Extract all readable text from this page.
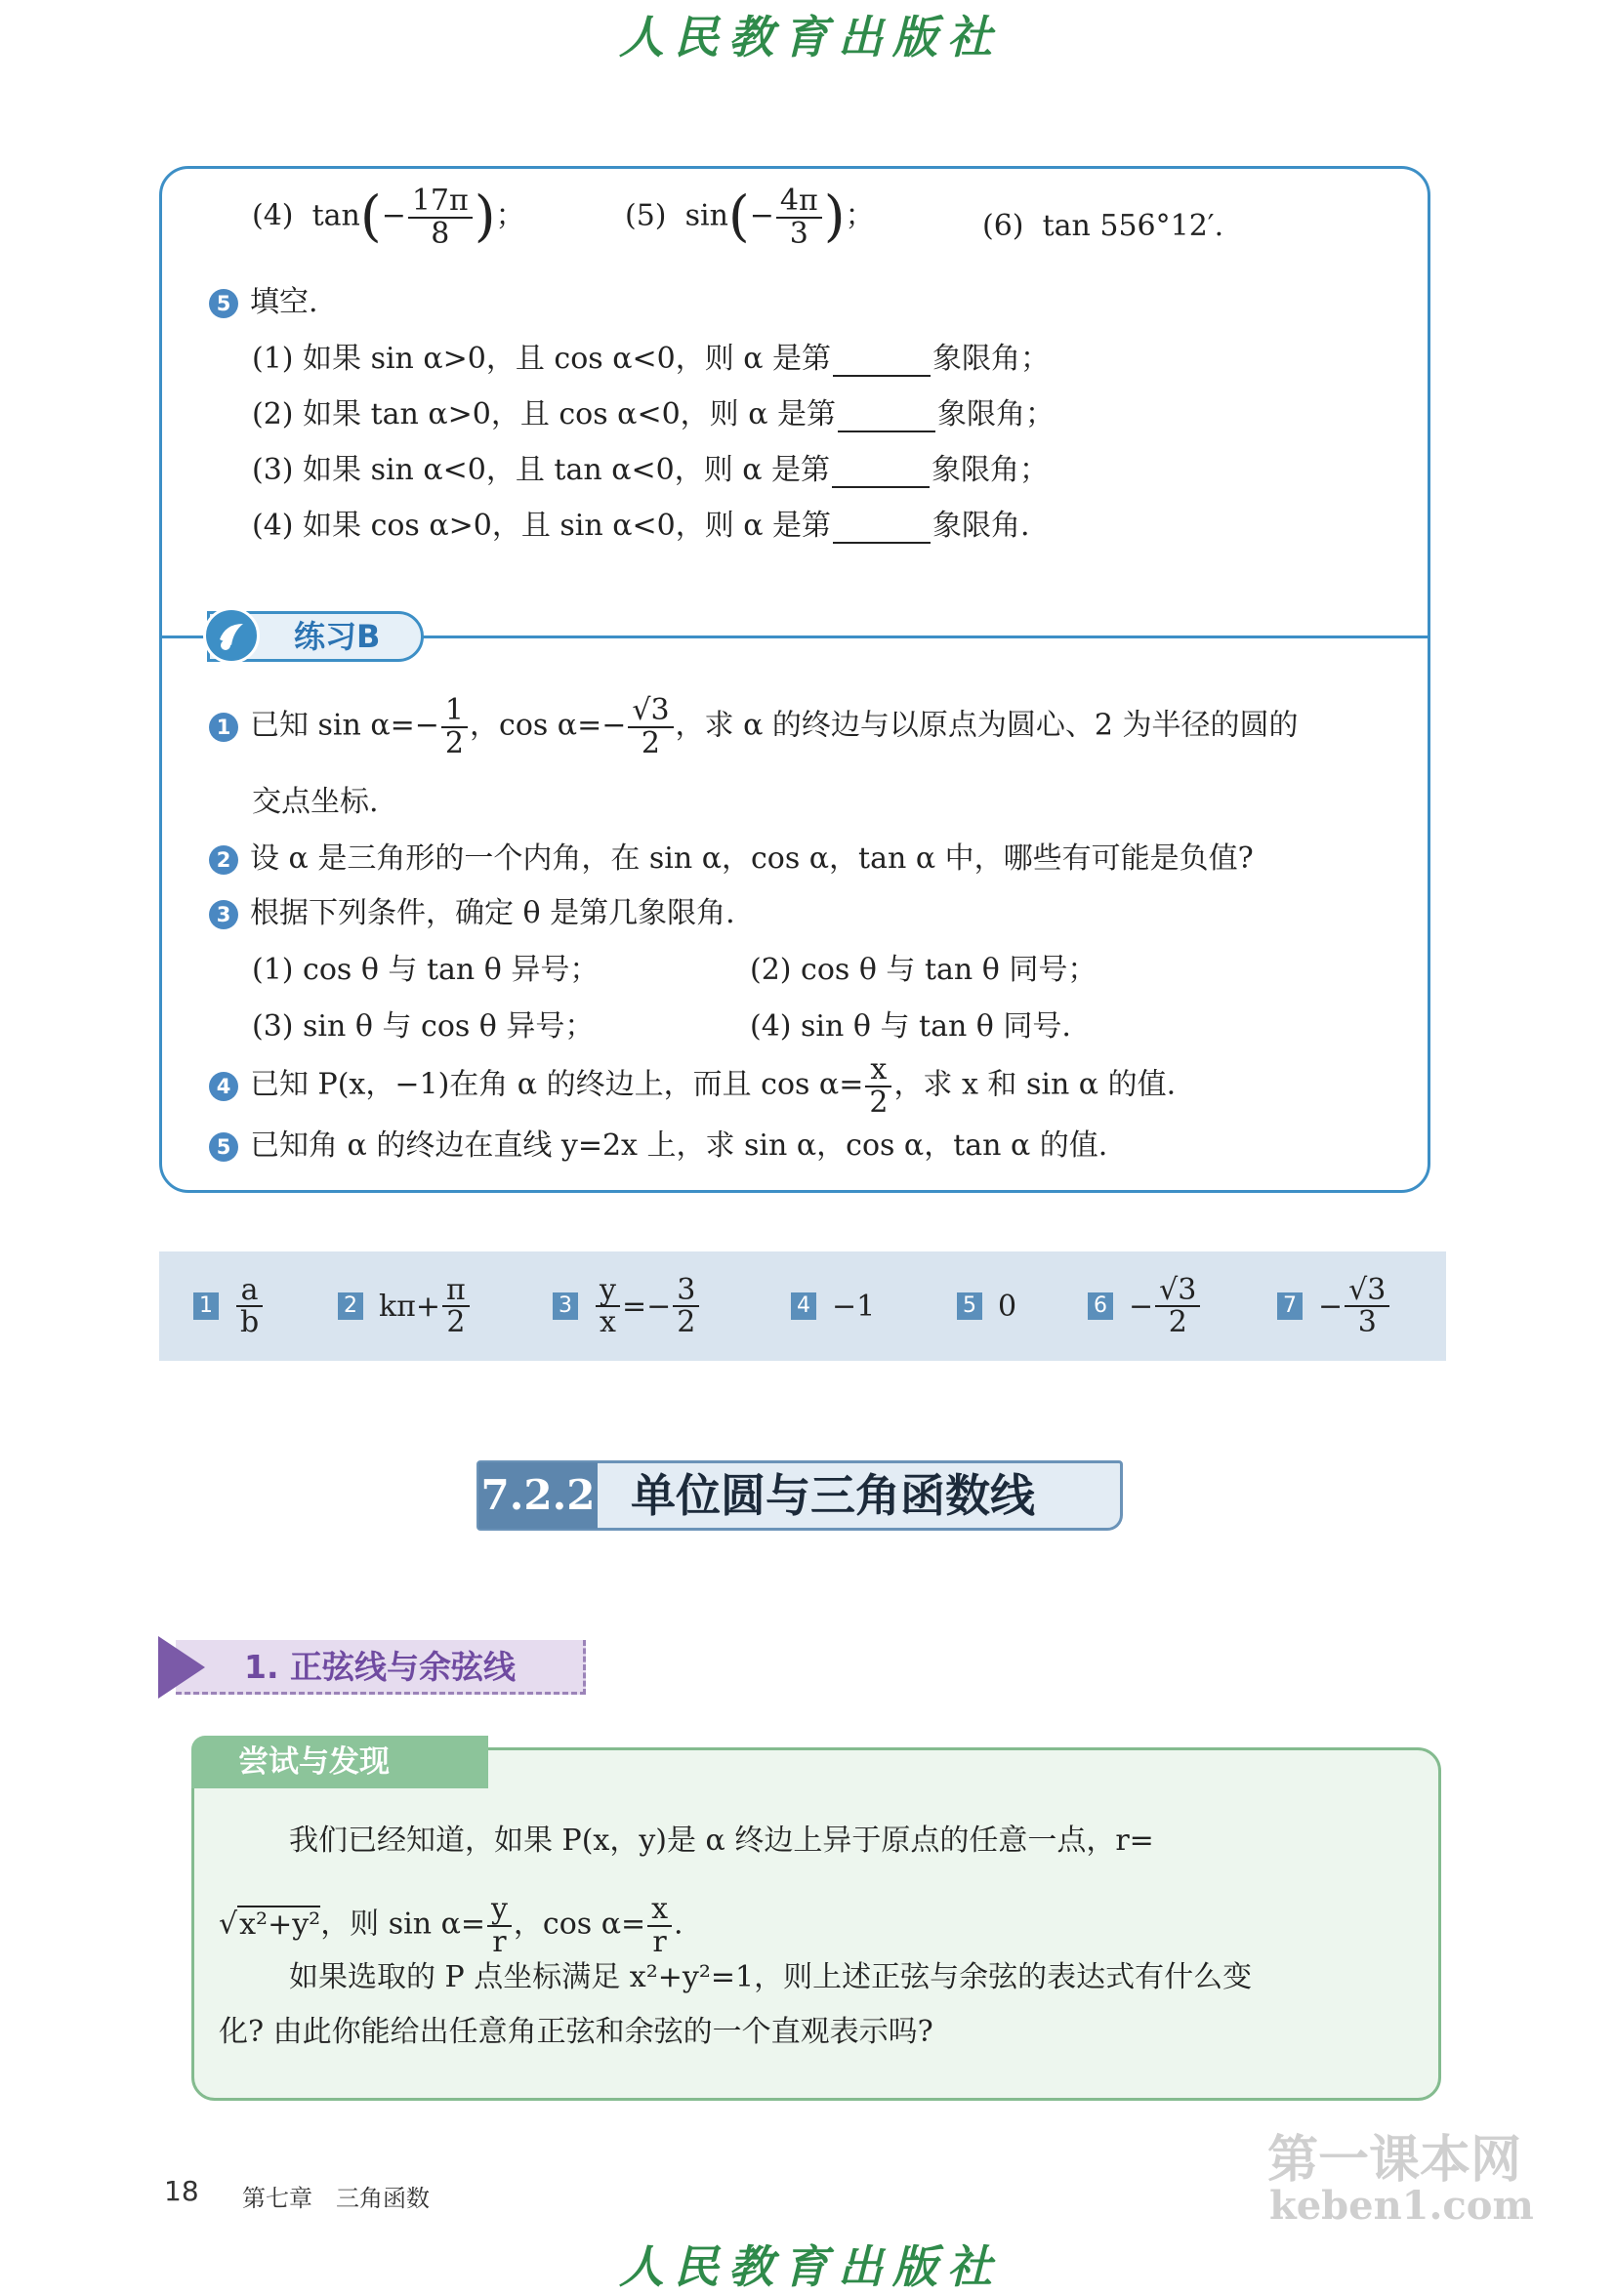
人民教育出版社
人民教育出版社
(4) $\tan(- \frac{17\pi}{8}$ )；	(5) $\sin(- \frac{4\pi}{3}$ )；	(6) tan 556°12′.
5 填空.
(1) 如果 sin α>0，且 cos α<0，则 α 是第	象限角；
(2) 如果 tan α>0，且 cos α<0，则 α 是第	象限角；
(3) 如果 sin α<0，且 tan α<0，则 α 是第	象限角；
(4) 如果 cos α>0，且 sin α<0，则 α 是第	象限角.
练习B
1 已知 $\sin \alpha=- \frac{1}{2}$ ，$\cos \alpha=- \frac{√3}{2}$ ，求 α 的终边与以原点为圆心、2 为半径的圆的
交点坐标.
2 设 α 是三角形的一个内角，在 sin α，cos α，tan α 中，哪些有可能是负值?
3 根据下列条件，确定 θ 是第几象限角.
(1) cos θ 与 tan θ 异号；	(2) cos θ 与 tan θ 同号；
(3) sin θ 与 cos θ 异号；	(4) sin θ 与 tan θ 同号.
4 已知 P(x，−1)在角 α 的终边上，而且 $\cos \alpha= \frac{x}{2}$ ，求 x 和 sin α 的值.
5 已知角 α 的终边在直线 y=2x 上，求 sin α，cos α，tan α 的值.
$1 \frac{a}{b}$	2 $k\pi+ \frac{\pi}{2}$	$3 \frac{y}{x} =- \frac{3}{2}$	4 −1	5 0	$6 - \frac{√3}{2}$	$7 - \frac{√3}{3}$
7.2.2 单位圆与三角函数线
1. 正弦线与余弦线
尝试与发现
我们已经知道，如果 P(x，y)是 α 终边上异于原点的任意一点，r=
√x²+y²，则 $\sin \alpha= \frac{y}{r}$ ，$\cos \alpha= \frac{x}{r}$ .
如果选取的 P 点坐标满足 x²+y²=1，则上述正弦与余弦的表达式有什么变
化? 由此你能给出任意角正弦和余弦的一个直观表示吗?
18 第七章　三角函数
第一课本网
keben1.com
